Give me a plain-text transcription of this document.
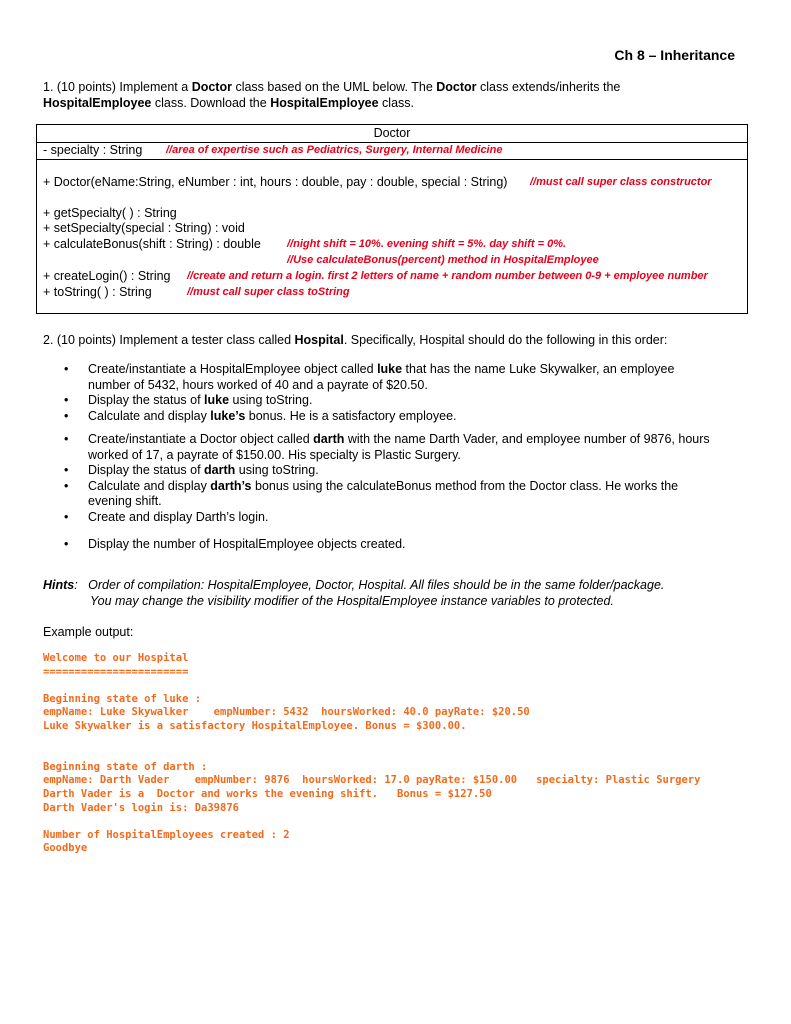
Ch 8 – Inheritance
1. (10 points) Implement a Doctor class based on the UML below. The Doctor class extends/inherits the
HospitalEmployee class. Download the HospitalEmployee class.
Doctor
- specialty : String //area of expertise such as Pediatrics, Surgery, Internal Medicine
+ Doctor(eName:String, eNumber : int, hours : double, pay : double, special : String) //must call super class constructor
+ getSpecialty( ) : String
+ setSpecialty(special : String) : void
+ calculateBonus(shift : String) : double //night shift = 10%. evening shift = 5%. day shift = 0%.
//Use calculateBonus(percent) method in HospitalEmployee
+ createLogin() : String //create and return a login. first 2 letters of name + random number between 0-9 + employee number
+ toString( ) : String	//must call super class toString
2. (10 points) Implement a tester class called Hospital. Specifically, Hospital should do the following in this order:
• Create/instantiate a HospitalEmployee object called luke that has the name Luke Skywalker, an employee
number of 5432, hours worked of 40 and a payrate of $20.50.
• Display the status of luke using toString.
• Calculate and display luke’s bonus. He is a satisfactory employee.
• Create/instantiate a Doctor object called darth with the name Darth Vader, and employee number of 9876, hours
worked of 17, a payrate of $150.00. His specialty is Plastic Surgery.
• Display the status of darth using toString.
• Calculate and display darth’s bonus using the calculateBonus method from the Doctor class. He works the
evening shift.
• Create and display Darth’s login.
• Display the number of HospitalEmployee objects created.
Hints: Order of compilation: HospitalEmployee, Doctor, Hospital. All files should be in the same folder/package.
You may change the visibility modifier of the HospitalEmployee instance variables to protected.
Example output:
Welcome to our Hospital
=======================

Beginning state of luke :
empName: Luke Skywalker    empNumber: 5432  hoursWorked: 40.0 payRate: $20.50
Luke Skywalker is a satisfactory HospitalEmployee. Bonus = $300.00.

Beginning state of darth :
empName: Darth Vader    empNumber: 9876  hoursWorked: 17.0 payRate: $150.00   specialty: Plastic Surgery
Darth Vader is a  Doctor and works the evening shift.   Bonus = $127.50
Darth Vader's login is: Da39876

Number of HospitalEmployees created : 2
Goodbye
